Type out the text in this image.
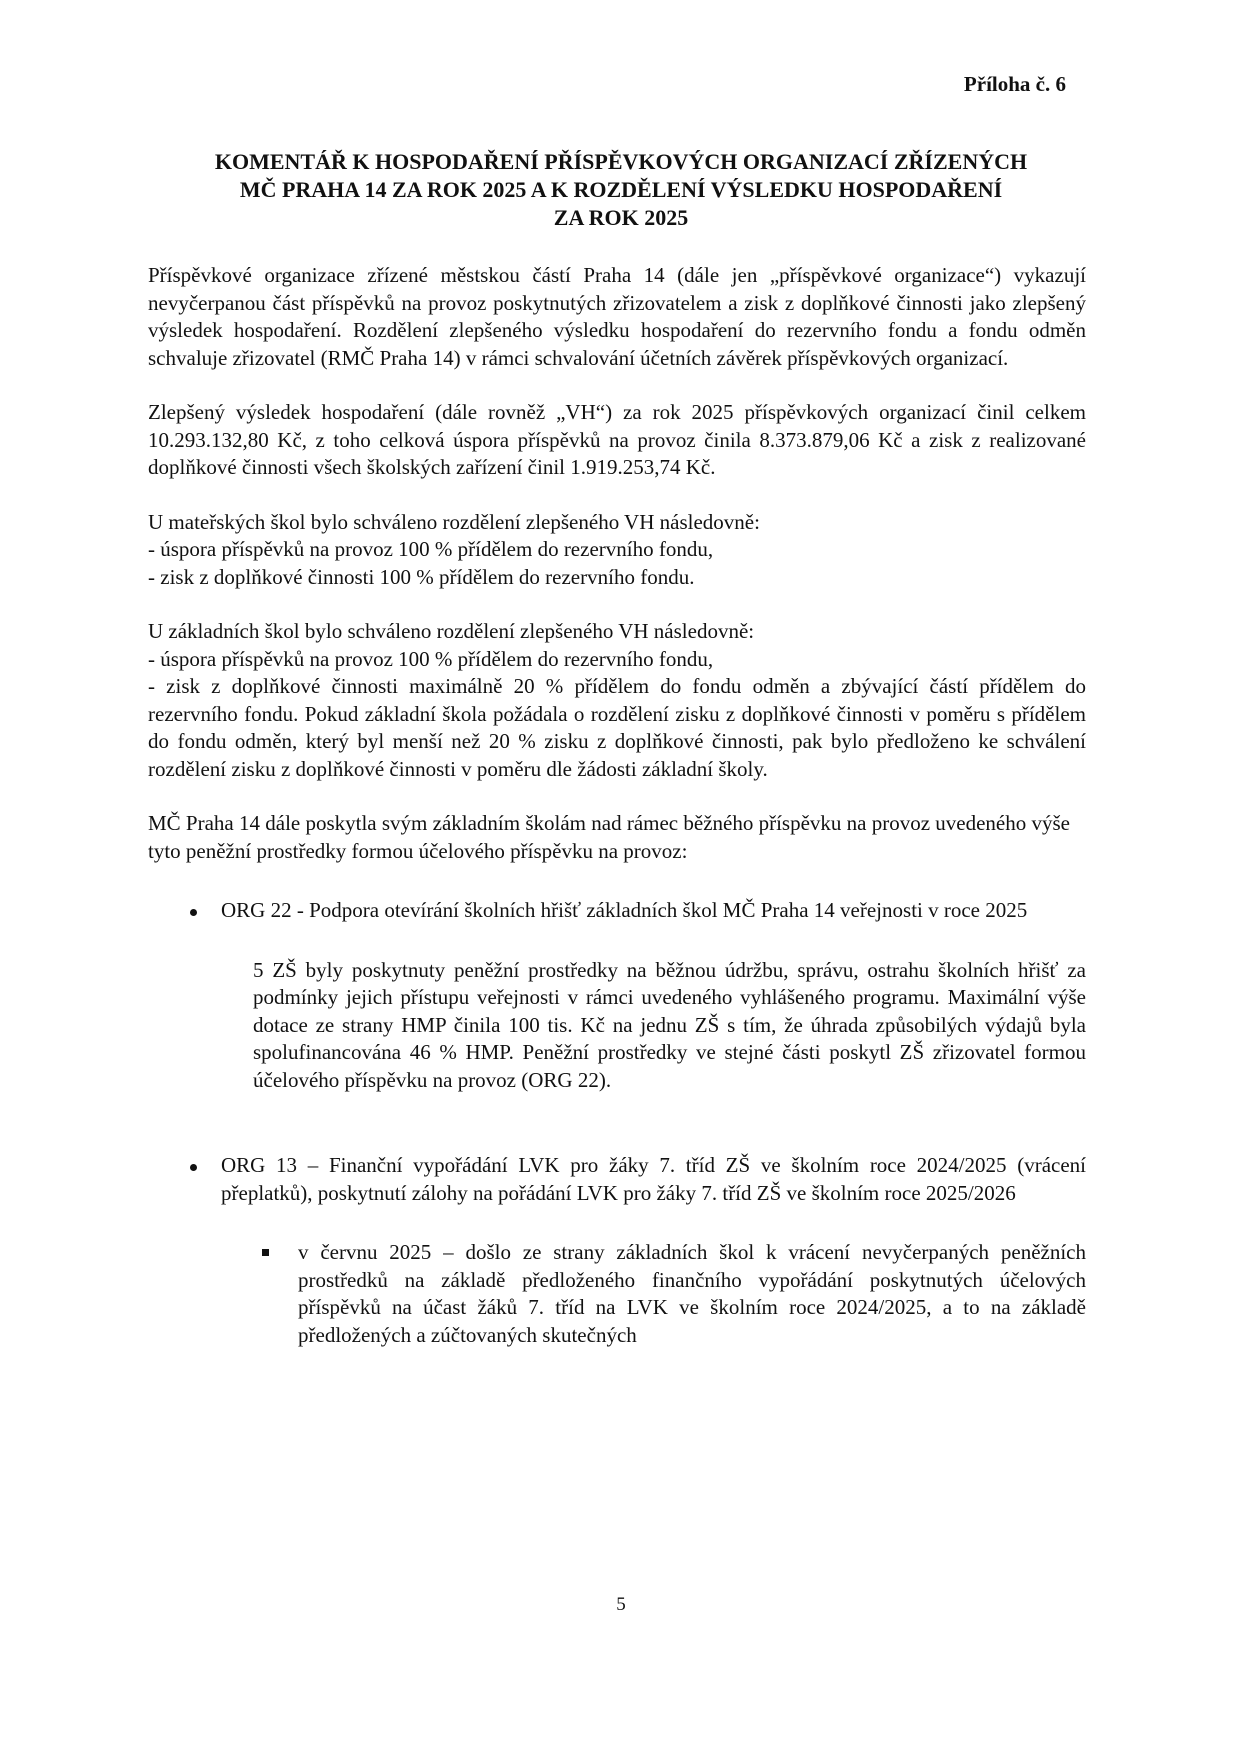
Příloha č. 6
KOMENTÁŘ K HOSPODAŘENÍ PŘÍSPĚVKOVÝCH ORGANIZACÍ ZŘÍZENÝCH
MČ PRAHA 14 ZA ROK 2025 A K ROZDĚLENÍ VÝSLEDKU HOSPODAŘENÍ
ZA ROK 2025

Příspěvkové organizace zřízené městskou částí Praha 14 (dále jen „příspěvkové organizace“) vykazují nevyčerpanou část příspěvků na provoz poskytnutých zřizovatelem a zisk z doplňkové činnosti jako zlepšený výsledek hospodaření. Rozdělení zlepšeného výsledku hospodaření do rezervního fondu a fondu odměn schvaluje zřizovatel (RMČ Praha 14) v rámci schvalování účetních závěrek příspěvkových organizací.

Zlepšený výsledek hospodaření (dále rovněž „VH“) za rok 2025 příspěvkových organizací činil celkem 10.293.132,80 Kč, z toho celková úspora příspěvků na provoz činila 8.373.879,06 Kč a zisk z realizované doplňkové činnosti všech školských zařízení činil 1.919.253,74 Kč.

U mateřských škol bylo schváleno rozdělení zlepšeného VH následovně:

- úspora příspěvků na provoz 100 % přídělem do rezervního fondu,

- zisk z doplňkové činnosti 100 % přídělem do rezervního fondu.

U základních škol bylo schváleno rozdělení zlepšeného VH následovně:

- úspora příspěvků na provoz 100 % přídělem do rezervního fondu,

- zisk z doplňkové činnosti maximálně 20 % přídělem do fondu odměn a zbývající částí přídělem do rezervního fondu. Pokud základní škola požádala o rozdělení zisku z doplňkové činnosti v poměru s přídělem do fondu odměn, který byl menší než 20 % zisku z doplňkové činnosti, pak bylo předloženo ke schválení rozdělení zisku z doplňkové činnosti v poměru dle žádosti základní školy.

MČ Praha 14 dále poskytla svým základním školám nad rámec běžného příspěvku na provoz uvedeného výše tyto peněžní prostředky formou účelového příspěvku na provoz:

ORG 22 - Podpora otevírání školních hřišť základních škol MČ Praha 14 veřejnosti v roce 2025

5 ZŠ byly poskytnuty peněžní prostředky na běžnou údržbu, správu, ostrahu školních hřišť za podmínky jejich přístupu veřejnosti v rámci uvedeného vyhlášeného programu. Maximální výše dotace ze strany HMP činila 100 tis. Kč na jednu ZŠ s tím, že úhrada způsobilých výdajů byla spolufinancována 46 % HMP. Peněžní prostředky ve stejné části poskytl ZŠ zřizovatel formou účelového příspěvku na provoz (ORG 22).

ORG 13 – Finanční vypořádání LVK pro žáky 7. tříd ZŠ ve školním roce 2024/2025 (vrácení přeplatků), poskytnutí zálohy na pořádání LVK pro žáky 7. tříd ZŠ ve školním roce 2025/2026

v červnu 2025 – došlo ze strany základních škol k vrácení nevyčerpaných peněžních prostředků na základě předloženého finančního vypořádání poskytnutých účelových příspěvků na účast žáků 7. tříd na LVK ve školním roce 2024/2025, a to na základě předložených a zúčtovaných skutečných

5
